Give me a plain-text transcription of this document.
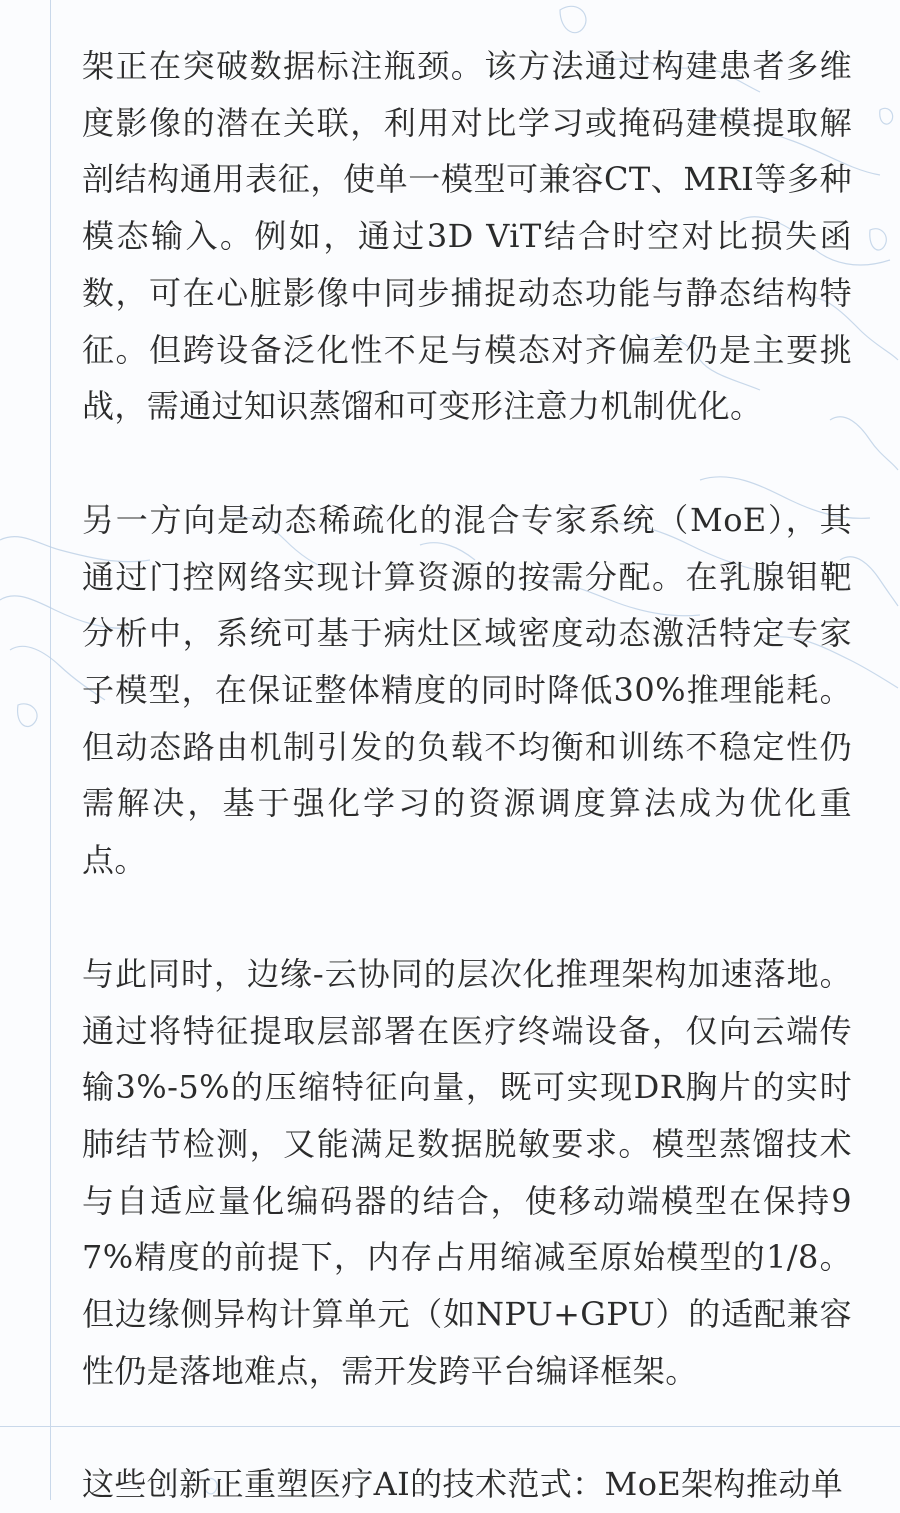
架正在突破数据标注瓶颈。该方法通过构建患者多维度影像的潜在关联，利用对比学习或掩码建模提取解剖结构通用表征，使单一模型可兼容CT、MRI等多种模态输入。例如，通过3D ViT结合时空对比损失函数，可在心脏影像中同步捕捉动态功能与静态结构特征。但跨设备泛化性不足与模态对齐偏差仍是主要挑战，需通过知识蒸馏和可变形注意力机制优化。

另一方向是动态稀疏化的混合专家系统（MoE），其通过门控网络实现计算资源的按需分配。在乳腺钼靶分析中，系统可基于病灶区域密度动态激活特定专家子模型，在保证整体精度的同时降低30%推理能耗。但动态路由机制引发的负载不均衡和训练不稳定性仍需解决，基于强化学习的资源调度算法成为优化重点。

与此同时，边缘-云协同的层次化推理架构加速落地。通过将特征提取层部署在医疗终端设备，仅向云端传输3%-5%的压缩特征向量，既可实现DR胸片的实时肺结节检测，又能满足数据脱敏要求。模型蒸馏技术与自适应量化编码器的结合，使移动端模型在保持97%精度的前提下，内存占用缩减至原始模型的1/8。但边缘侧异构计算单元（如NPU+GPU）的适配兼容性仍是落地难点，需开发跨平台编译框架。

这些创新正重塑医疗AI的技术范式：MoE架构推动单
